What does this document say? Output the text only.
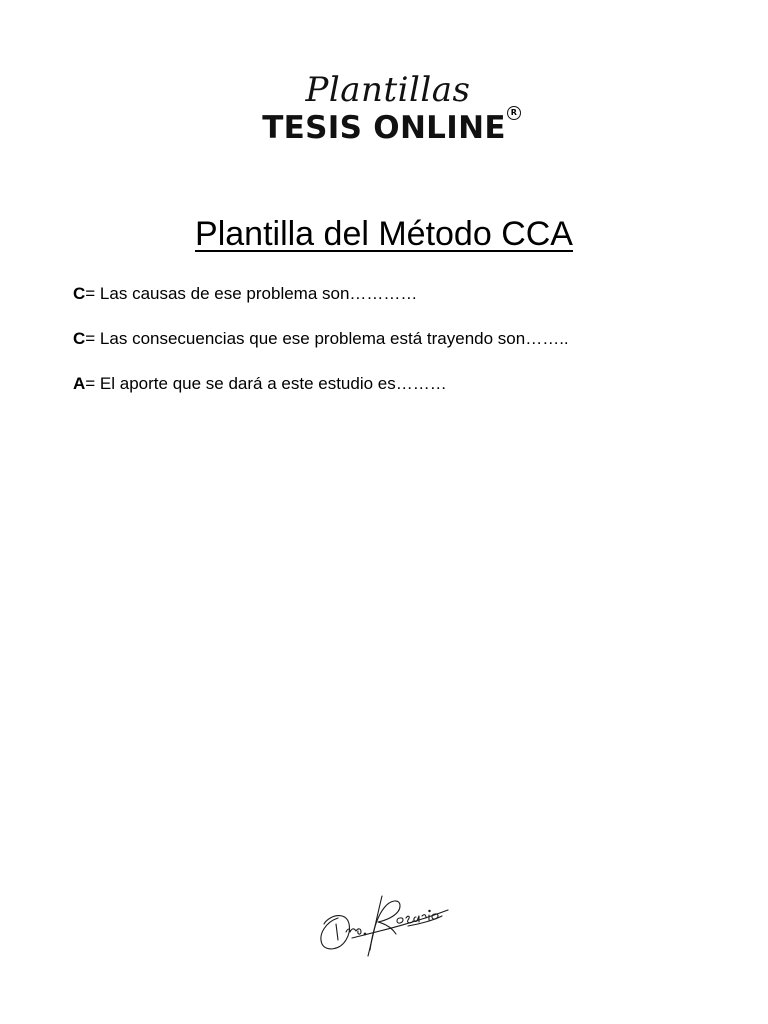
Plantillas
TESIS ONLINE R
Plantilla del Método CCA

C= Las causas de ese problema son…………

C= Las consecuencias que ese problema está trayendo son……..

A= El aporte que se dará a este estudio es………
